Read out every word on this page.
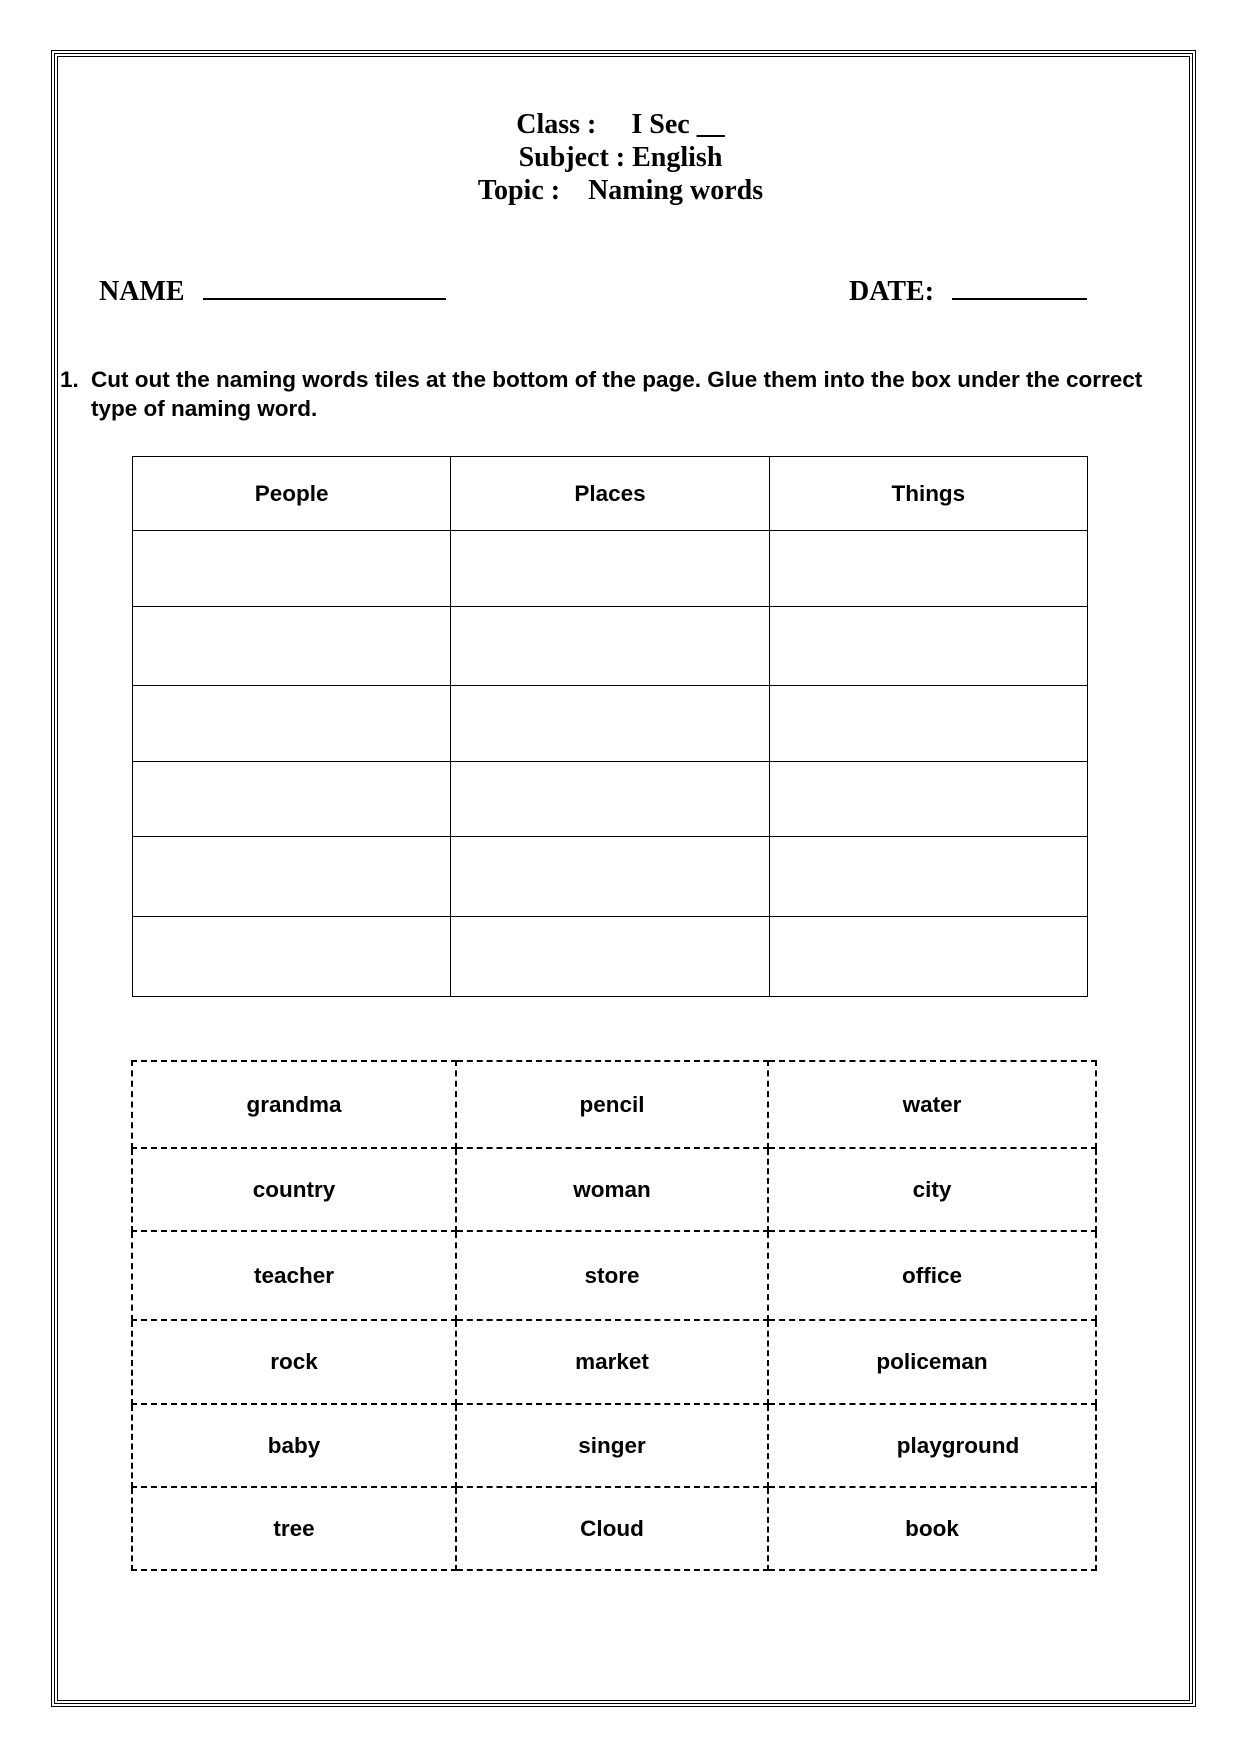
Class :     I Sec __
Subject : English
Topic :    Naming words

NAME	DATE:

1. Cut out the naming words tiles at the bottom of the page. Glue them into the box under the correct type of naming word.
People	Places	Things

grandma	pencil	water
country	woman	city
teacher	store	office
rock	market	policeman
baby	singer	playground
tree	Cloud	book
